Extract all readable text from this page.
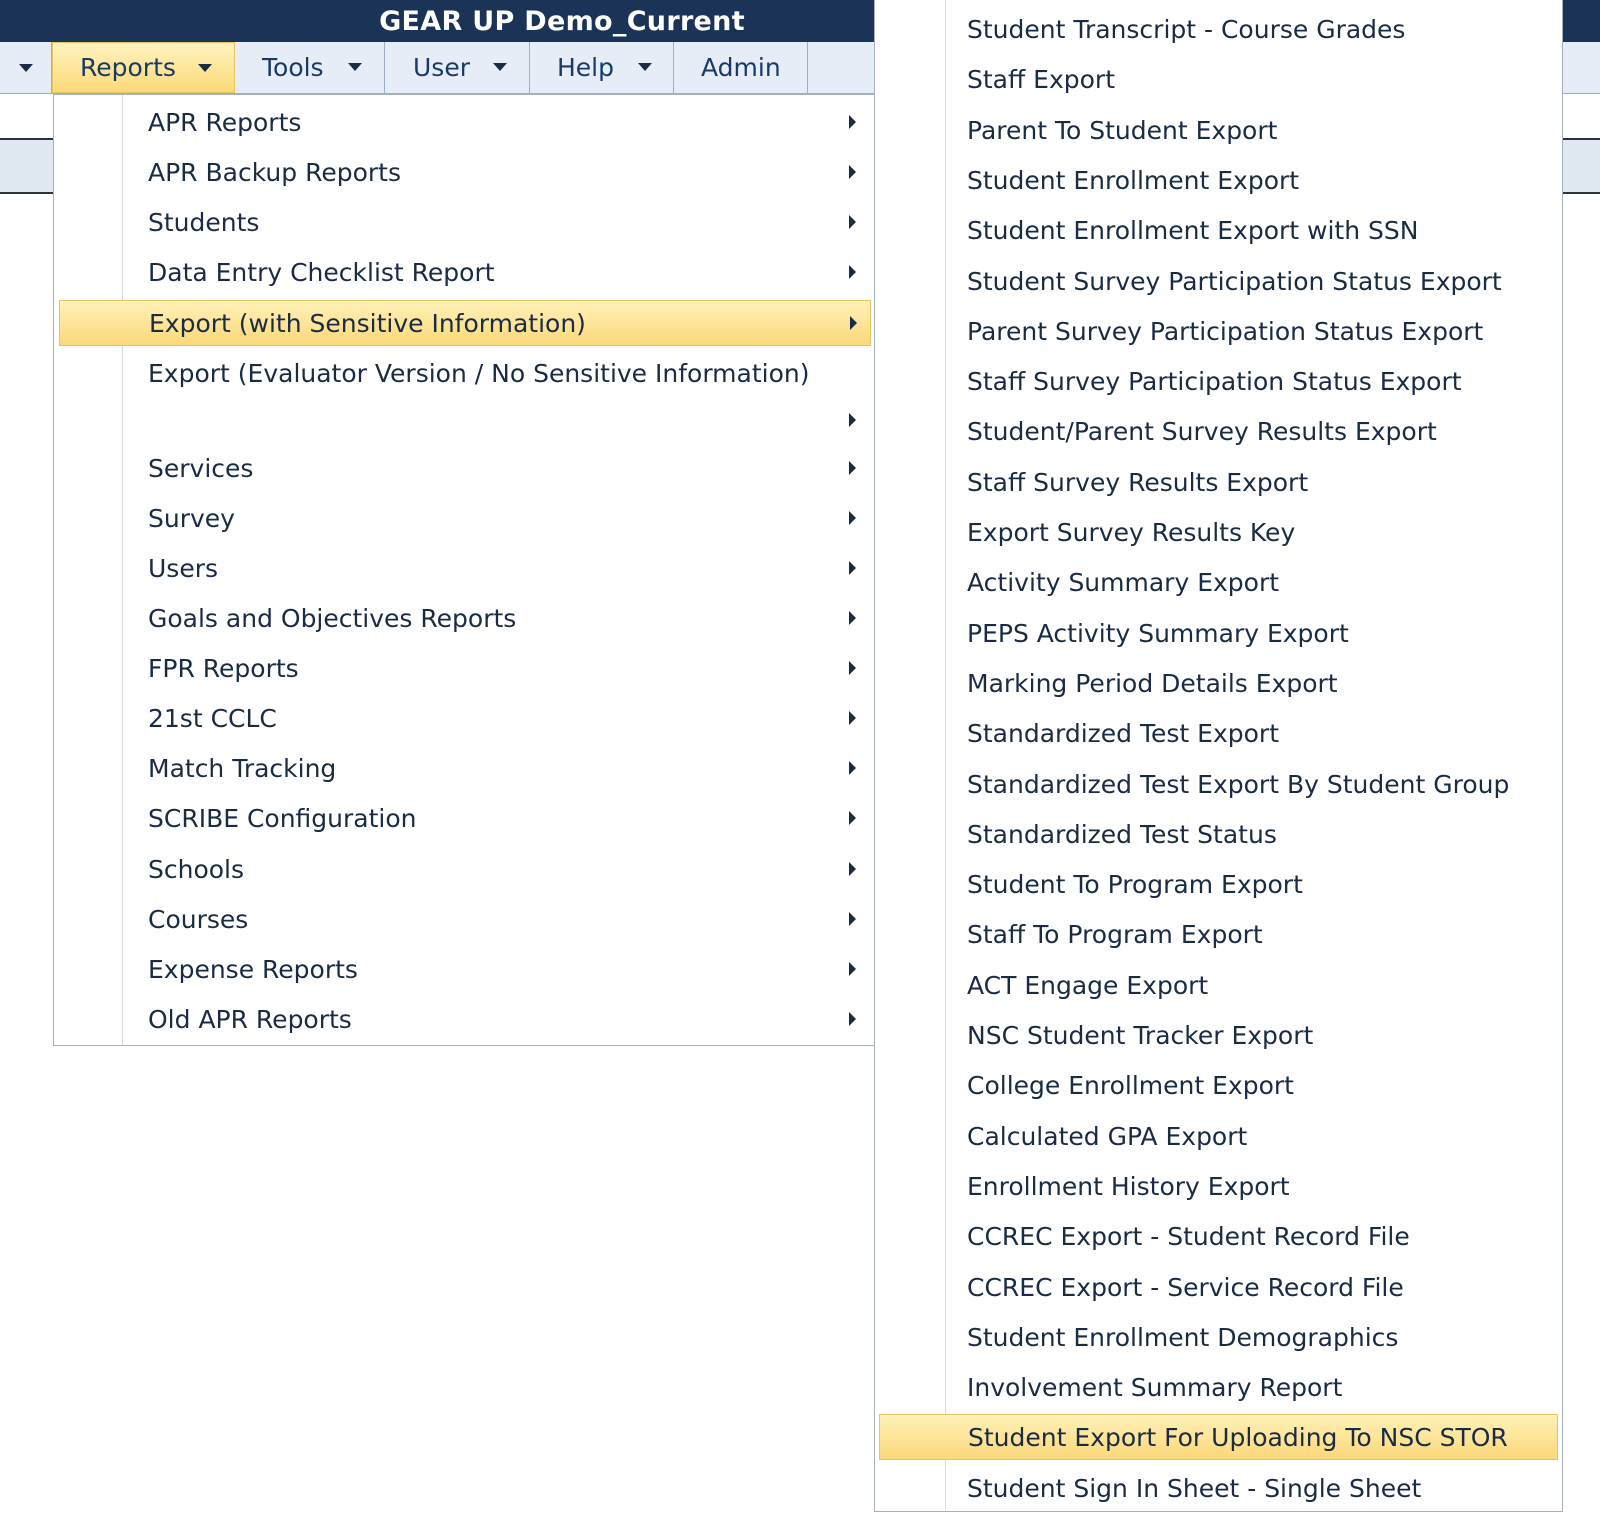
GEAR UP Demo_Current
Reports	Tools	User	Help	Admin
APR Reports
APR Backup Reports
Students
Data Entry Checklist Report
Export (with Sensitive Information)
Export (Evaluator Version / No Sensitive Information)
Services
Survey
Users
Goals and Objectives Reports
FPR Reports
21st CCLC
Match Tracking
SCRIBE Configuration
Schools
Courses
Expense Reports
Old APR Reports
Student Transcript - Course Grades
Staff Export
Parent To Student Export
Student Enrollment Export
Student Enrollment Export with SSN
Student Survey Participation Status Export
Parent Survey Participation Status Export
Staff Survey Participation Status Export
Student/Parent Survey Results Export
Staff Survey Results Export
Export Survey Results Key
Activity Summary Export
PEPS Activity Summary Export
Marking Period Details Export
Standardized Test Export
Standardized Test Export By Student Group
Standardized Test Status
Student To Program Export
Staff To Program Export
ACT Engage Export
NSC Student Tracker Export
College Enrollment Export
Calculated GPA Export
Enrollment History Export
CCREC Export - Student Record File
CCREC Export - Service Record File
Student Enrollment Demographics
Involvement Summary Report
Student Export For Uploading To NSC STOR
Student Sign In Sheet - Single Sheet
